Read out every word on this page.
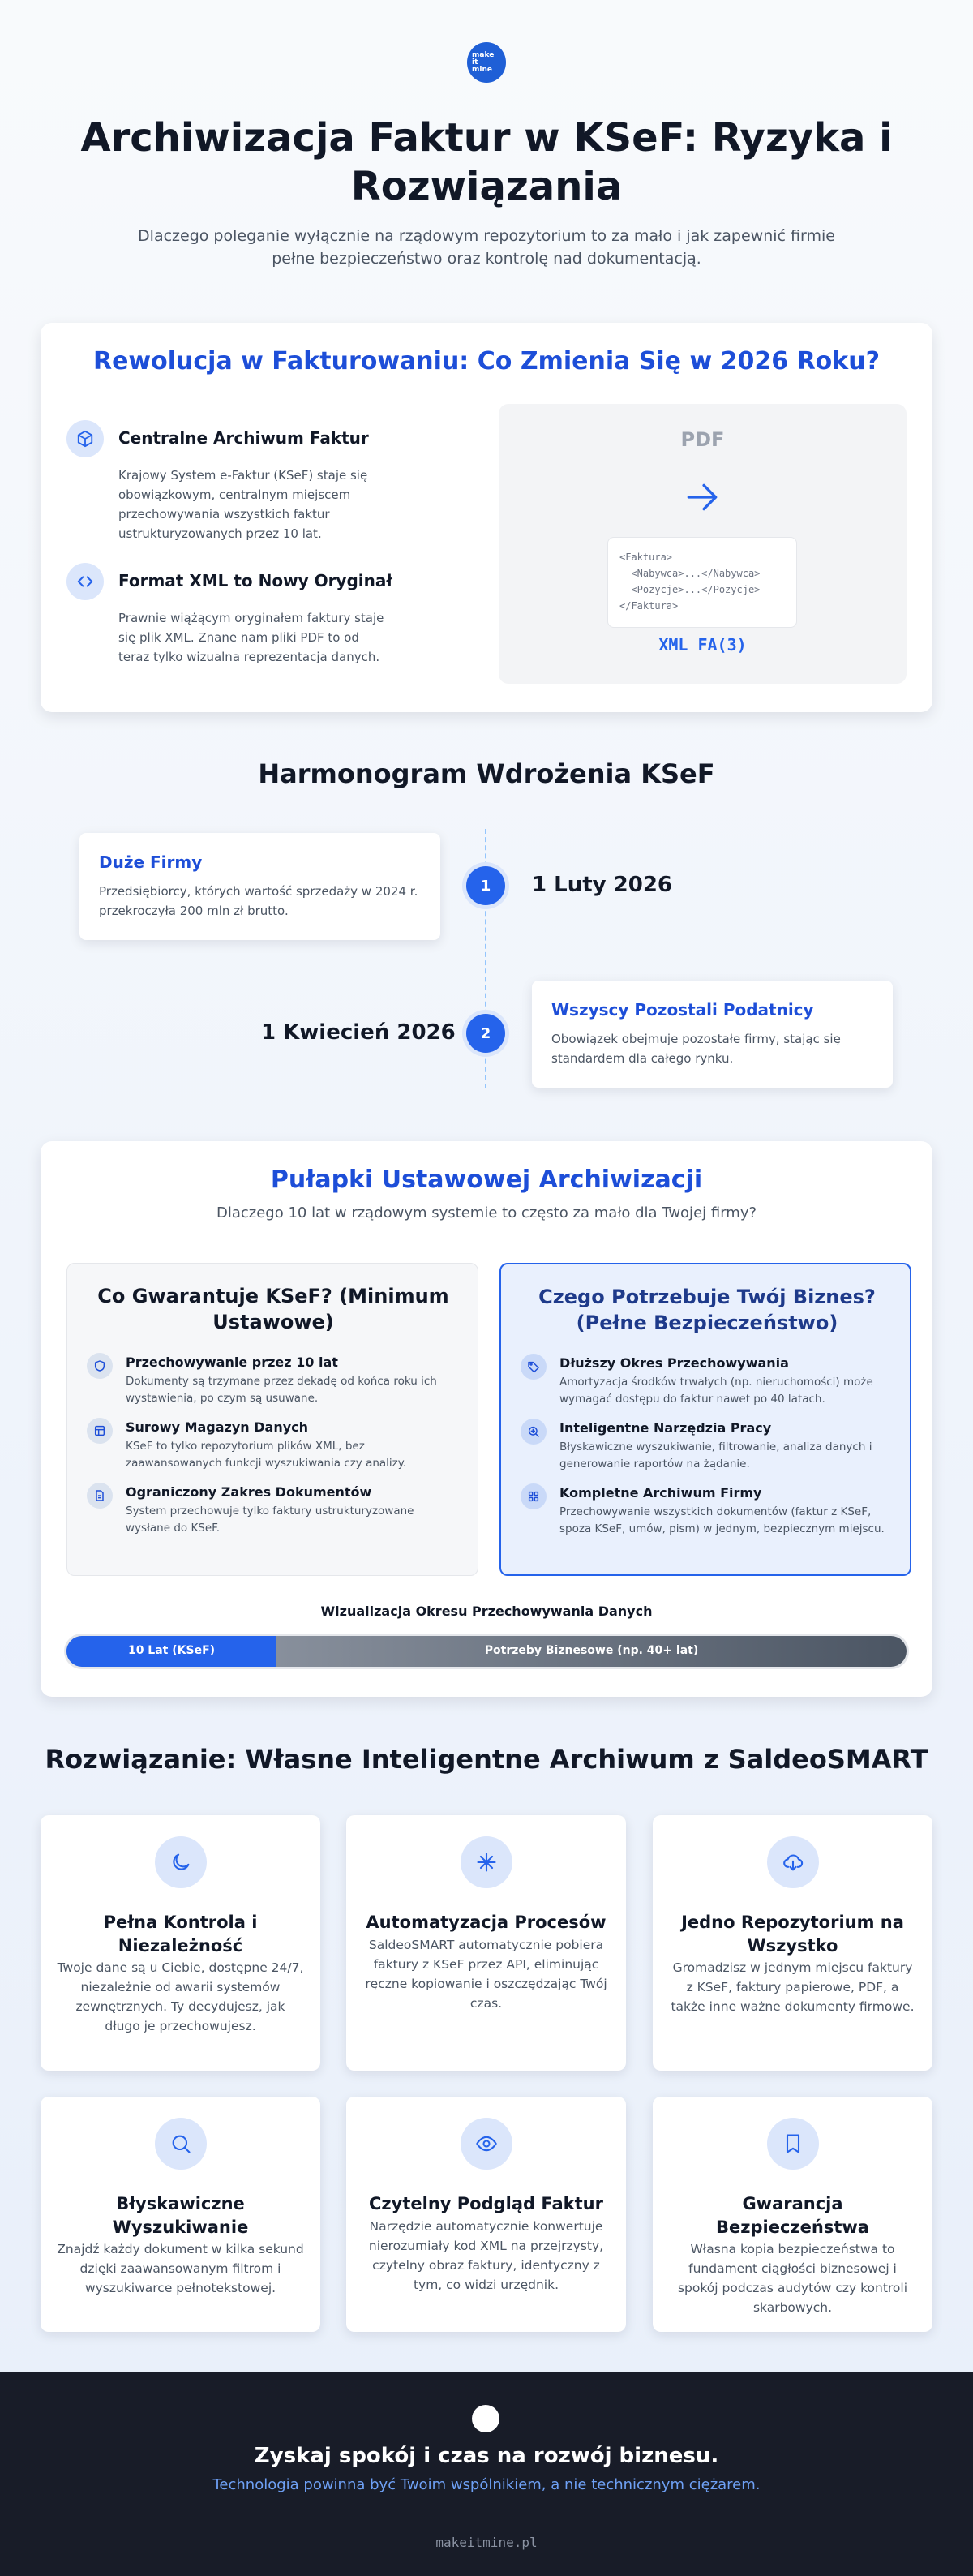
make
it
mine
Archiwizacja Faktur w KSeF: Ryzyka i Rozwiązania

Dlaczego poleganie wyłącznie na rządowym repozytorium to za mało i jak zapewnić firmie pełne bezpieczeństwo oraz kontrolę nad dokumentacją.

Rewolucja w Fakturowaniu: Co Zmienia Się w 2026 Roku?
Centralne Archiwum Faktur

Krajowy System e-Faktur (KSeF) staje się obowiązkowym, centralnym miejscem przechowywania wszystkich faktur ustrukturyzowanych przez 10 lat.

Format XML to Nowy Oryginał

Prawnie wiążącym oryginałem faktury staje się plik XML. Znane nam pliki PDF to od teraz tylko wizualna reprezentacja danych.

PDF
<Faktura>
<Nabywca>...</Nabywca>
<Pozycje>...</Pozycje>
</Faktura>
XML FA(3)
Harmonogram Wdrożenia KSeF
Duże Firmy

Przedsiębiorcy, których wartość sprzedaży w 2024 r. przekroczyła 200 mln zł brutto.

1	1 Luty 2026
1 Kwiecień 2026	2
Wszyscy Pozostali Podatnicy

Obowiązek obejmuje pozostałe firmy, stając się standardem dla całego rynku.

Pułapki Ustawowej Archiwizacji

Dlaczego 10 lat w rządowym systemie to często za mało dla Twojej firmy?

Co Gwarantuje KSeF? (Minimum Ustawowe)
Przechowywanie przez 10 lat

Dokumenty są trzymane przez dekadę od końca roku ich wystawienia, po czym są usuwane.

Surowy Magazyn Danych

KSeF to tylko repozytorium plików XML, bez zaawansowanych funkcji wyszukiwania czy analizy.

Ograniczony Zakres Dokumentów

System przechowuje tylko faktury ustrukturyzowane wysłane do KSeF.

Czego Potrzebuje Twój Biznes? (Pełne Bezpieczeństwo)
Dłuższy Okres Przechowywania

Amortyzacja środków trwałych (np. nieruchomości) może wymagać dostępu do faktur nawet po 40 latach.

Inteligentne Narzędzia Pracy

Błyskawiczne wyszukiwanie, filtrowanie, analiza danych i generowanie raportów na żądanie.

Kompletne Archiwum Firmy

Przechowywanie wszystkich dokumentów (faktur z KSeF, spoza KSeF, umów, pism) w jednym, bezpiecznym miejscu.

Wizualizacja Okresu Przechowywania Danych
10 Lat (KSeF)	Potrzeby Biznesowe (np. 40+ lat)
Rozwiązanie: Własne Inteligentne Archiwum z SaldeoSMART
Pełna Kontrola i Niezależność

Twoje dane są u Ciebie, dostępne 24/7, niezależnie od awarii systemów zewnętrznych. Ty decydujesz, jak długo je przechowujesz.

Automatyzacja Procesów

SaldeoSMART automatycznie pobiera faktury z KSeF przez API, eliminując ręczne kopiowanie i oszczędzając Twój czas.

Jedno Repozytorium na Wszystko

Gromadzisz w jednym miejscu faktury z KSeF, faktury papierowe, PDF, a także inne ważne dokumenty firmowe.

Błyskawiczne Wyszukiwanie

Znajdź każdy dokument w kilka sekund dzięki zaawansowanym filtrom i wyszukiwarce pełnotekstowej.

Czytelny Podgląd Faktur

Narzędzie automatycznie konwertuje nierozumiały kod XML na przejrzysty, czytelny obraz faktury, identyczny z tym, co widzi urzędnik.

Gwarancja Bezpieczeństwa

Własna kopia bezpieczeństwa to fundament ciągłości biznesowej i spokój podczas audytów czy kontroli skarbowych.

Zyskaj spokój i czas na rozwój biznesu.
Technologia powinna być Twoim wspólnikiem, a nie technicznym ciężarem.
makeitmine.pl
